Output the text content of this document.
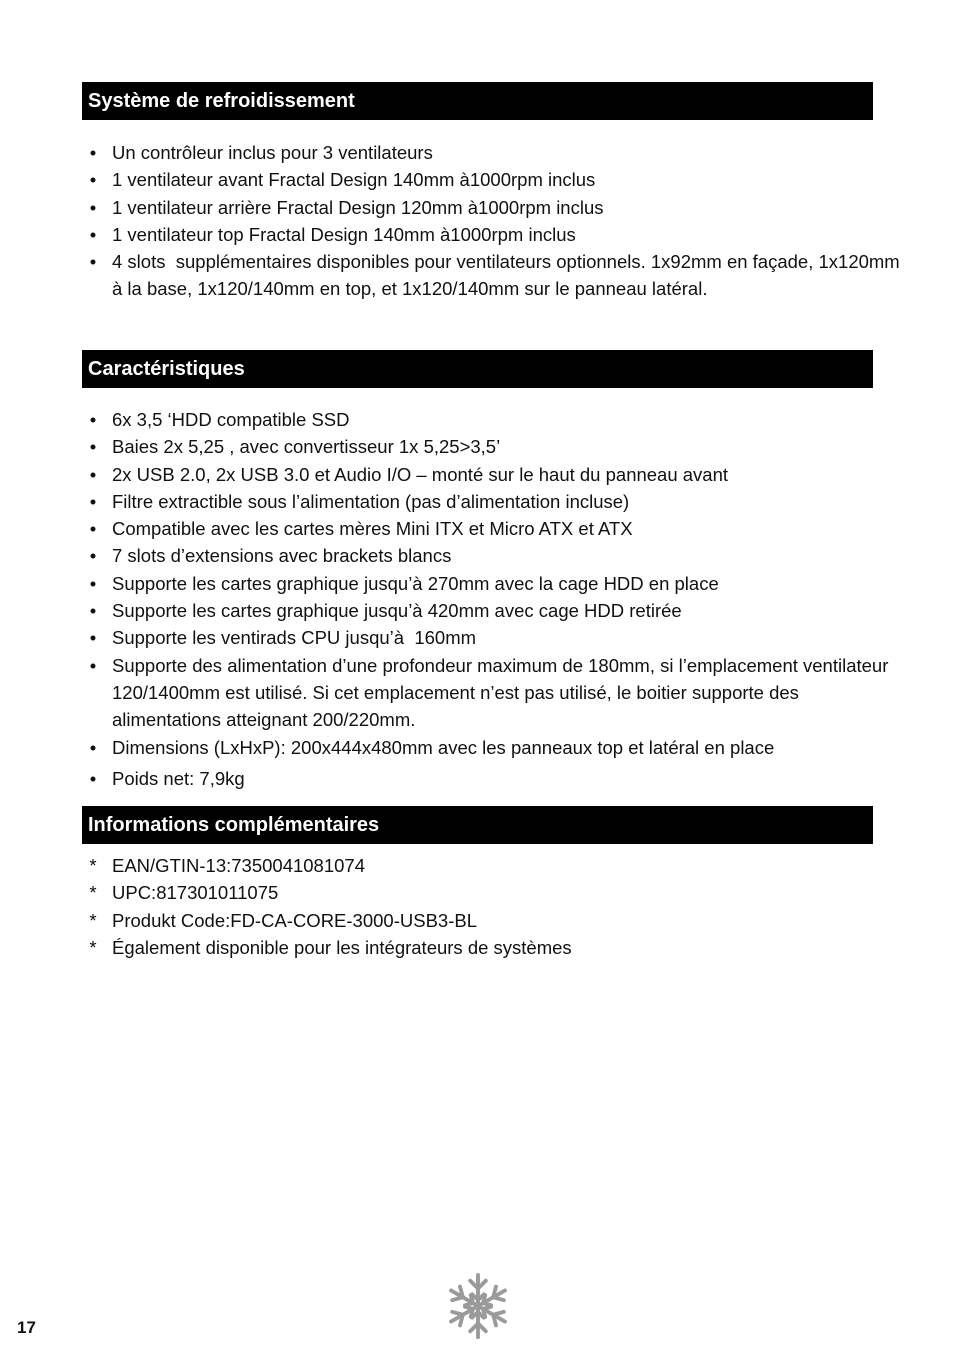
Système de refroidissement
• Un contrôleur inclus pour 3 ventilateurs
• 1 ventilateur avant Fractal Design 140mm à1000rpm inclus
• 1 ventilateur arrière Fractal Design 120mm à1000rpm inclus
• 1 ventilateur top Fractal Design 140mm à1000rpm inclus
• 4 slots  supplémentaires disponibles pour ventilateurs optionnels. 1x92mm en façade, 1x120mm à la base, 1x120/140mm en top, et 1x120/140mm sur le panneau latéral.
Caractéristiques
• 6x 3,5 ‘HDD compatible SSD
• Baies 2x 5,25 , avec convertisseur 1x 5,25>3,5’
• 2x USB 2.0, 2x USB 3.0 et Audio I/O – monté sur le haut du panneau avant
• Filtre extractible sous l’alimentation (pas d’alimentation incluse)
• Compatible avec les cartes mères Mini ITX et Micro ATX et ATX
• 7 slots d’extensions avec brackets blancs
• Supporte les cartes graphique jusqu’à 270mm avec la cage HDD en place
• Supporte les cartes graphique jusqu’à 420mm avec cage HDD retirée
• Supporte les ventirads CPU jusqu’à  160mm
• Supporte des alimentation d’une profondeur maximum de 180mm, si l’emplacement ventilateur 120/1400mm est utilisé. Si cet emplacement n’est pas utilisé, le boitier supporte des alimentations atteignant 200/220mm.
• Dimensions (LxHxP): 200x444x480mm avec les panneaux top et latéral en place
• Poids net: 7,9kg
Informations complémentaires
* EAN/GTIN-13:7350041081074
* UPC:817301011075
* Produkt Code:FD-CA-CORE-3000-USB3-BL
* Également disponible pour les intégrateurs de systèmes
17
